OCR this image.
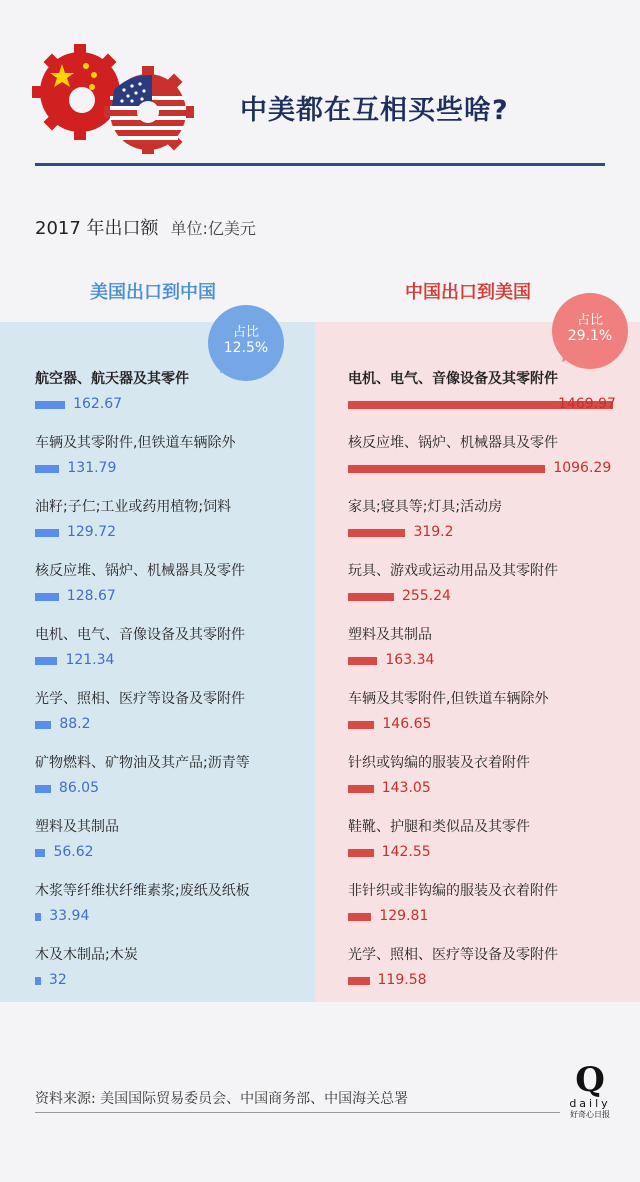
中美都在互相买些啥?
2017 年出口额 单位:亿美元
美国出口到中国	中国出口到美国
占比
12.5%
占比
29.1%
航空器、航天器及其零件
162.67
车辆及其零附件,但铁道车辆除外
131.79
油籽;子仁;工业或药用植物;饲料
129.72
核反应堆、锅炉、机械器具及零件
128.67
电机、电气、音像设备及其零附件
121.34
光学、照相、医疗等设备及零附件
88.2
矿物燃料、矿物油及其产品;沥青等
86.05
塑料及其制品
56.62
木浆等纤维状纤维素浆;废纸及纸板
33.94
木及木制品;木炭
32
电机、电气、音像设备及其零附件
1469.97
核反应堆、锅炉、机械器具及零件
1096.29
家具;寝具等;灯具;活动房
319.2
玩具、游戏或运动用品及其零附件
255.24
塑料及其制品
163.34
车辆及其零附件,但铁道车辆除外
146.65
针织或钩编的服装及衣着附件
143.05
鞋靴、护腿和类似品及其零件
142.55
非针织或非钩编的服装及衣着附件
129.81
光学、照相、医疗等设备及零附件
119.58
资料来源: 美国国际贸易委员会、中国商务部、中国海关总署	Q
daily
好奇心日报
